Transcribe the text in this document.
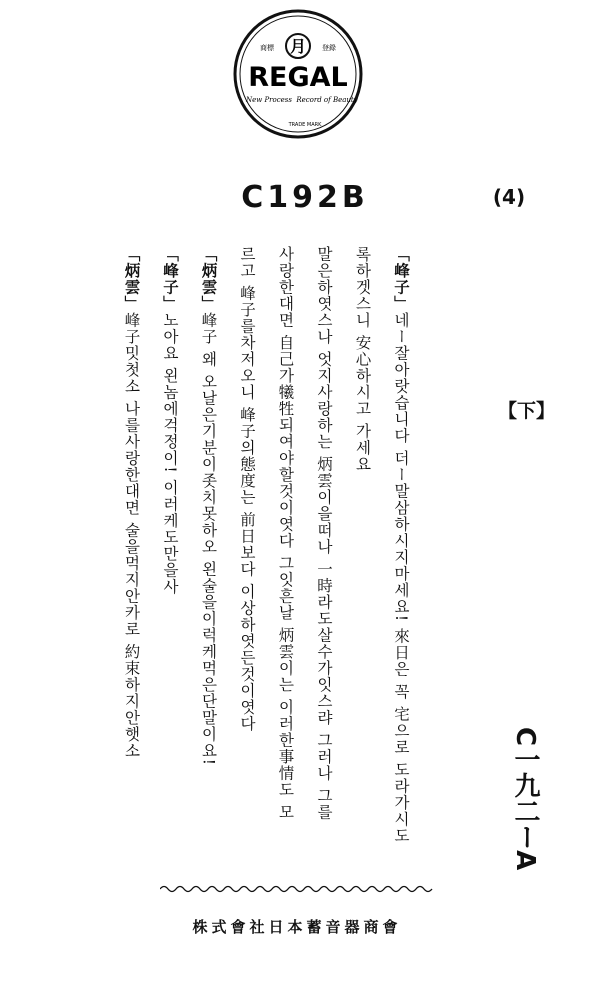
月
商標	登錄
REGAL
New Process Record of Beauty
TRADE MARK
C192B	(4)
【下】
C一九二ーA
「峰子」네ー잘아랏습니다 더ー말삼하시지마세요! 來日은 꼭 宅으로 도라가시도
록하겟스니 安心하시고 가세요
말은하엿스나 엇지사랑하는 炳雲이을떠나 一時라도살수가잇스랴 그러나 그를
사랑한대면 自己가犧牲되여야할것이엿다 그잇흔날 炳雲이는 이러한事情도 모
르고 峰子를차저오니 峰子의態度는 前日보다 이상하엿든것이엿다
「炳雲」峰子 왜 오날은기분이좃치못하오 왼술을이럭케먹은단말이요!
「峰子」노아요 왼놈에걱정이! 이러케도만을사
「炳雲」峰子밋첫소 나를사랑한대면 술을먹지안카로 約束하지안햇소
株式會社日本蓄音器商會
